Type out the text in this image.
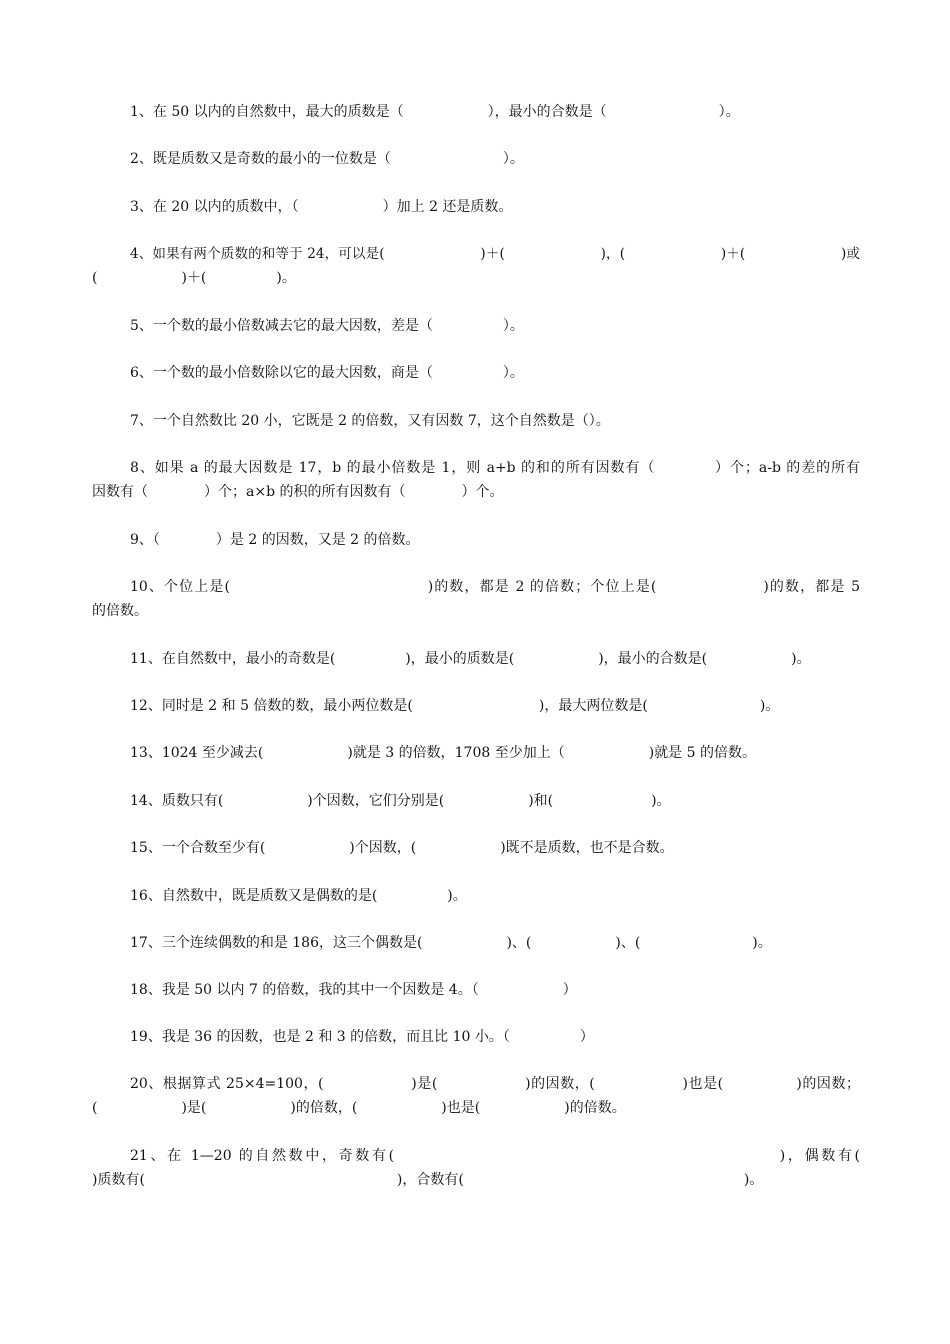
1、在 50 以内的自然数中，最大的质数是（　　　　　　），最小的合数是（　　　　　　　　）。
2、既是质数又是奇数的最小的一位数是（　　　　　　　　）。
3、在 20 以内的质数中，（　　　　　　）加上 2 还是质数。
4、如果有两个质数的和等于 24，可以是(　　　　　　　)＋(　　　　　　　)，(　　　　　　　)＋(　　　　　　　)或
(　　　　　　)＋(　　　　　)。
5、一个数的最小倍数减去它的最大因数，差是（　　　　　）。
6、一个数的最小倍数除以它的最大因数，商是（　　　　　）。
7、一个自然数比 20 小，它既是 2 的倍数，又有因数 7，这个自然数是（）。
8、如果 a 的最大因数是 17，b 的最小倍数是 1，则 a+b 的和的所有因数有（　　　　）个；a-b 的差的所有
因数有（　　　　）个；a×b 的积的所有因数有（　　　　）个。
9、（　　　　）是 2 的因数，又是 2 的倍数。
10、个位上是(　　　　　　　　　　　　　)的数，都是 2 的倍数；个位上是(　　　　　　　)的数，都是 5
的倍数。
11、在自然数中，最小的奇数是(　　　　　)，最小的质数是(　　　　　　)，最小的合数是(　　　　　　)。
12、同时是 2 和 5 倍数的数，最小两位数是(　　　　　　　　　)，最大两位数是(　　　　　　　　)。
13、1024 至少减去(　　　　　　)就是 3 的倍数，1708 至少加上（　　　　　　)就是 5 的倍数。
14、质数只有(　　　　　　)个因数，它们分别是(　　　　　　)和(　　　　　　　)。
15、一个合数至少有(　　　　　　)个因数，(　　　　　　)既不是质数，也不是合数。
16、自然数中，既是质数又是偶数的是(　　　　　)。
17、三个连续偶数的和是 186，这三个偶数是(　　　　　　)、(　　　　　　)、(　　　　　　　　)。
18、我是 50 以内 7 的倍数，我的其中一个因数是 4。（　　　　　　）
19、我是 36 的因数，也是 2 和 3 的倍数，而且比 10 小。（　　　　　）
20、根据算式 25×4=100，(　　　　　　)是(　　　　　　)的因数，(　　　　　　)也是(　　　　　)的因数；
(　　　　　　)是(　　　　　　)的倍数，(　　　　　　)也是(　　　　　　)的倍数。
21、在 1—20 的自然数中，奇数有(　　　　　　　　　　　　　　　　　　　　　　　)，偶数有(
)质数有(　　　　　　　　　　　　　　　　　　)，合数有(　　　　　　　　　　　　　　　　　　　　)。
